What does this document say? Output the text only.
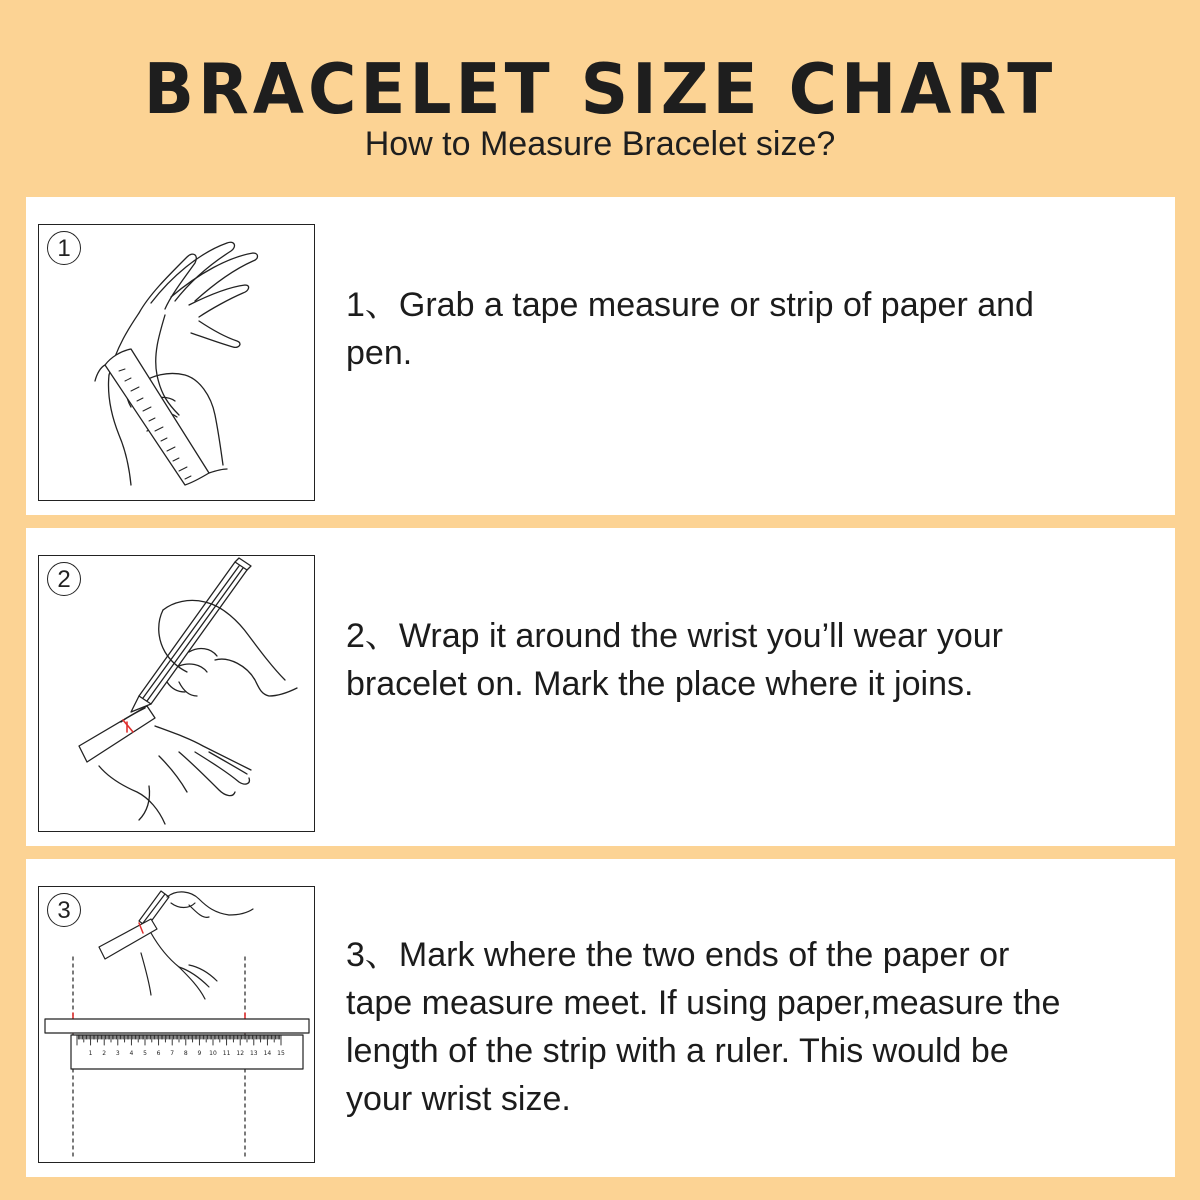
BRACELET SIZE CHART
How to Measure Bracelet size?
1
1、Grab a tape measure or strip of paper and
pen.
2
2、Wrap it around the wrist you’ll wear your
bracelet on. Mark the place where it joins.
1 2 3 4 5 6 7 8 9 10 11 12 13 14 15
3
3、Mark where the two ends of the paper or
tape measure meet. If using paper,measure the
length of the strip with a ruler. This would be
your wrist size.
